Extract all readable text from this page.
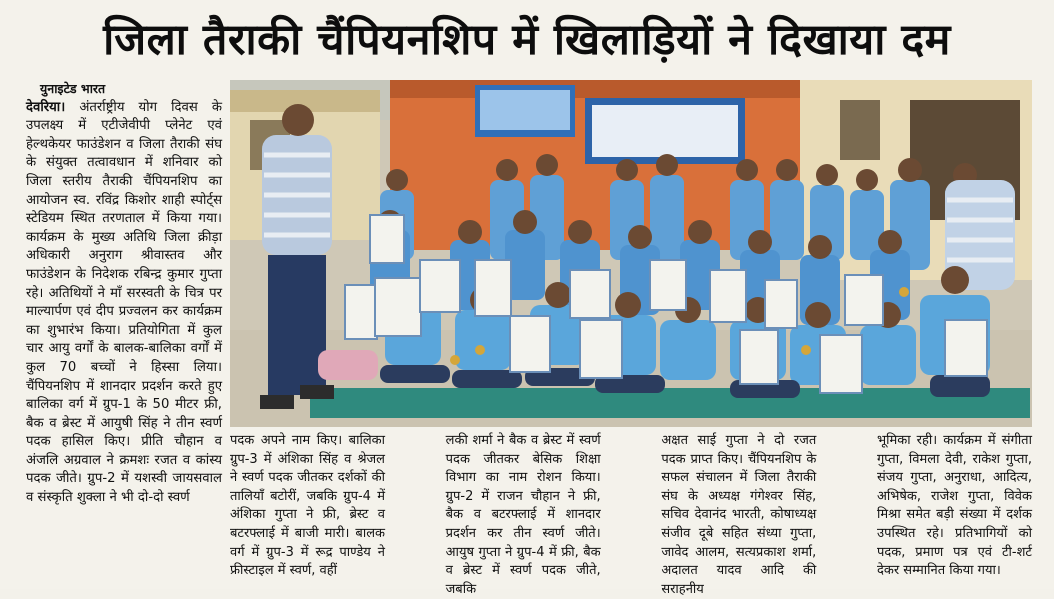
जिला तैराकी चैंपियनशिप में खिलाड़ियों ने दिखाया दम
युनाइटेड भारत

देवरिया। अंतर्राष्ट्रीय योग दिवस के उपलक्ष्य में एटीजेवीपी प्लेनेट एवं हेल्थकेयर फाउंडेशन व जिला तैराकी संघ के संयुक्त तत्वावधान में शनिवार को जिला स्तरीय तैराकी चैंपियनशिप का आयोजन स्व. रविंद्र किशोर शाही स्पोर्ट्स स्टेडियम स्थित तरणताल में किया गया। कार्यक्रम के मुख्य अतिथि जिला क्रीड़ा अधिकारी अनुराग श्रीवास्तव और फाउंडेशन के निदेशक रबिन्द्र कुमार गुप्ता रहे। अतिथियों ने माँ सरस्वती के चित्र पर माल्यार्पण एवं दीप प्रज्वलन कर कार्यक्रम का शुभारंभ किया। प्रतियोगिता में कुल चार आयु वर्गों के बालक-बालिका वर्गों में कुल 70 बच्चों ने हिस्सा लिया। चैंपियनशिप में शानदार प्रदर्शन करते हुए बालिका वर्ग में ग्रुप-1 के 50 मीटर फ्री, बैक व ब्रेस्ट में आयुषी सिंह ने तीन स्वर्ण पदक हासिल किए। प्रीति चौहान व अंजलि अग्रवाल ने क्रमशः रजत व कांस्य पदक जीते। ग्रुप-2 में यशस्वी जायसवाल व संस्कृति शुक्ला ने भी दो-दो स्वर्ण

पदक अपने नाम किए। बालिका ग्रुप-3 में अंशिका सिंह व श्रेजल ने स्वर्ण पदक जीतकर दर्शकों की तालियाँ बटोरीं, जबकि ग्रुप-4 में अंशिका गुप्ता ने फ्री, ब्रेस्ट व बटरफ्लाई में बाजी मारी। बालक वर्ग में ग्रुप-3 में रूद्र पाण्डेय ने फ्रीस्टाइल में स्वर्ण, वहीं

लकी शर्मा ने बैक व ब्रेस्ट में स्वर्ण पदक जीतकर बेसिक शिक्षा विभाग का नाम रोशन किया। ग्रुप-2 में राजन चौहान ने फ्री, बैक व बटरफ्लाई में शानदार प्रदर्शन कर तीन स्वर्ण जीते। आयुष गुप्ता ने ग्रुप-4 में फ्री, बैक व ब्रेस्ट में स्वर्ण पदक जीते, जबकि

अक्षत साई गुप्ता ने दो रजत पदक प्राप्त किए। चैंपियनशिप के सफल संचालन में जिला तैराकी संघ के अध्यक्ष गंगेश्वर सिंह, सचिव देवानंद भारती, कोषाध्यक्ष संजीव दूबे सहित संध्या गुप्ता, जावेद आलम, सत्यप्रकाश शर्मा, अदालत यादव आदि की सराहनीय

भूमिका रही। कार्यक्रम में संगीता गुप्ता, विमला देवी, राकेश गुप्ता, संजय गुप्ता, अनुराधा, आदित्य, अभिषेक, राजेश गुप्ता, विवेक मिश्रा समेत बड़ी संख्या में दर्शक उपस्थित रहे। प्रतिभागियों को पदक, प्रमाण पत्र एवं टी-शर्ट देकर सम्मानित किया गया।
